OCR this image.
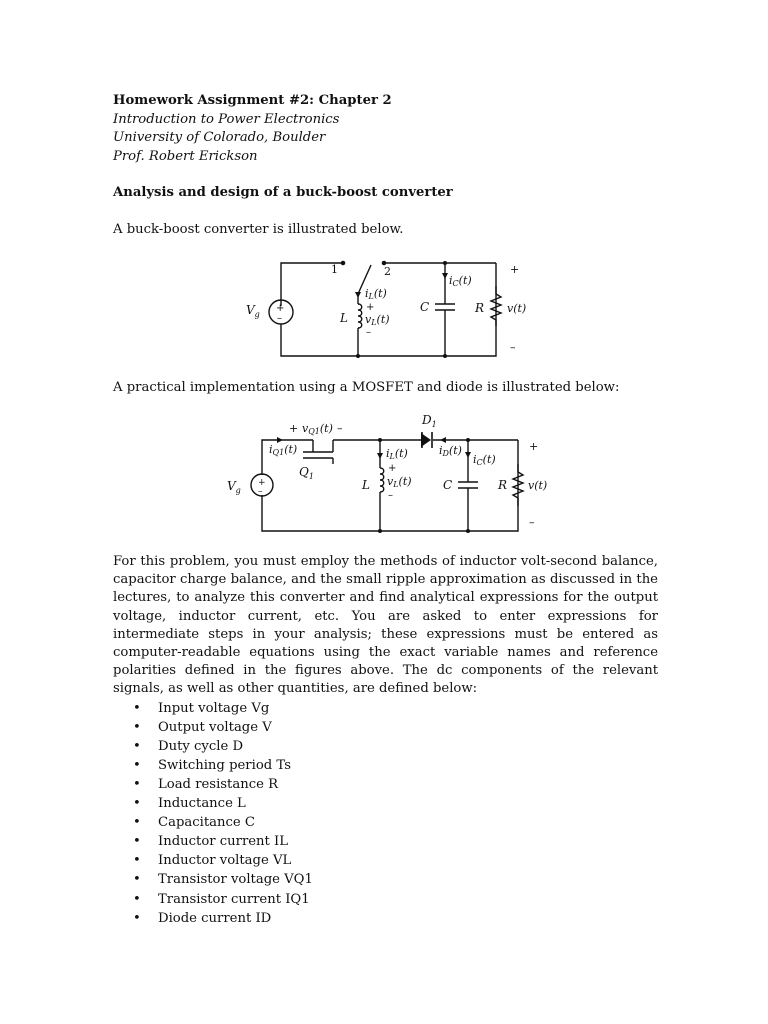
Homework Assignment #2: Chapter 2
Introduction to Power Electronics
University of Colorado, Boulder
Prof. Robert Erickson
Analysis and design of a buck-boost converter
A buck-boost converter is illustrated below.
+
–
1	2
$V_g$
iL(t)
+
L vL(t)
–
iC(t)
C	R v(t)
+
–
A practical implementation using a MOSFET and diode is illustrated below:
+
–
+ vQ1(t) –
$D_1$
iQ1(t)
$Q_1$
$V_g$
iL(t)
+
L vL(t)
–
iD(t)
iC(t)
C	R v(t)
+
–

For this problem, you must employ the methods of inductor volt-second balance, capacitor charge balance, and the small ripple approximation as discussed in the lectures, to analyze this converter and find analytical expressions for the output voltage, inductor current, etc. You are asked to enter expressions for intermediate steps in your analysis; these expressions must be entered as computer-readable equations using the exact variable names and reference polarities defined in the figures above. The dc components of the relevant signals, as well as other quantities, are defined below:

• Input voltage Vg
• Output voltage V
• Duty cycle D
• Switching period Ts
• Load resistance R
• Inductance L
• Capacitance C
• Inductor current IL
• Inductor voltage VL
• Transistor voltage VQ1
• Transistor current IQ1
• Diode current ID
